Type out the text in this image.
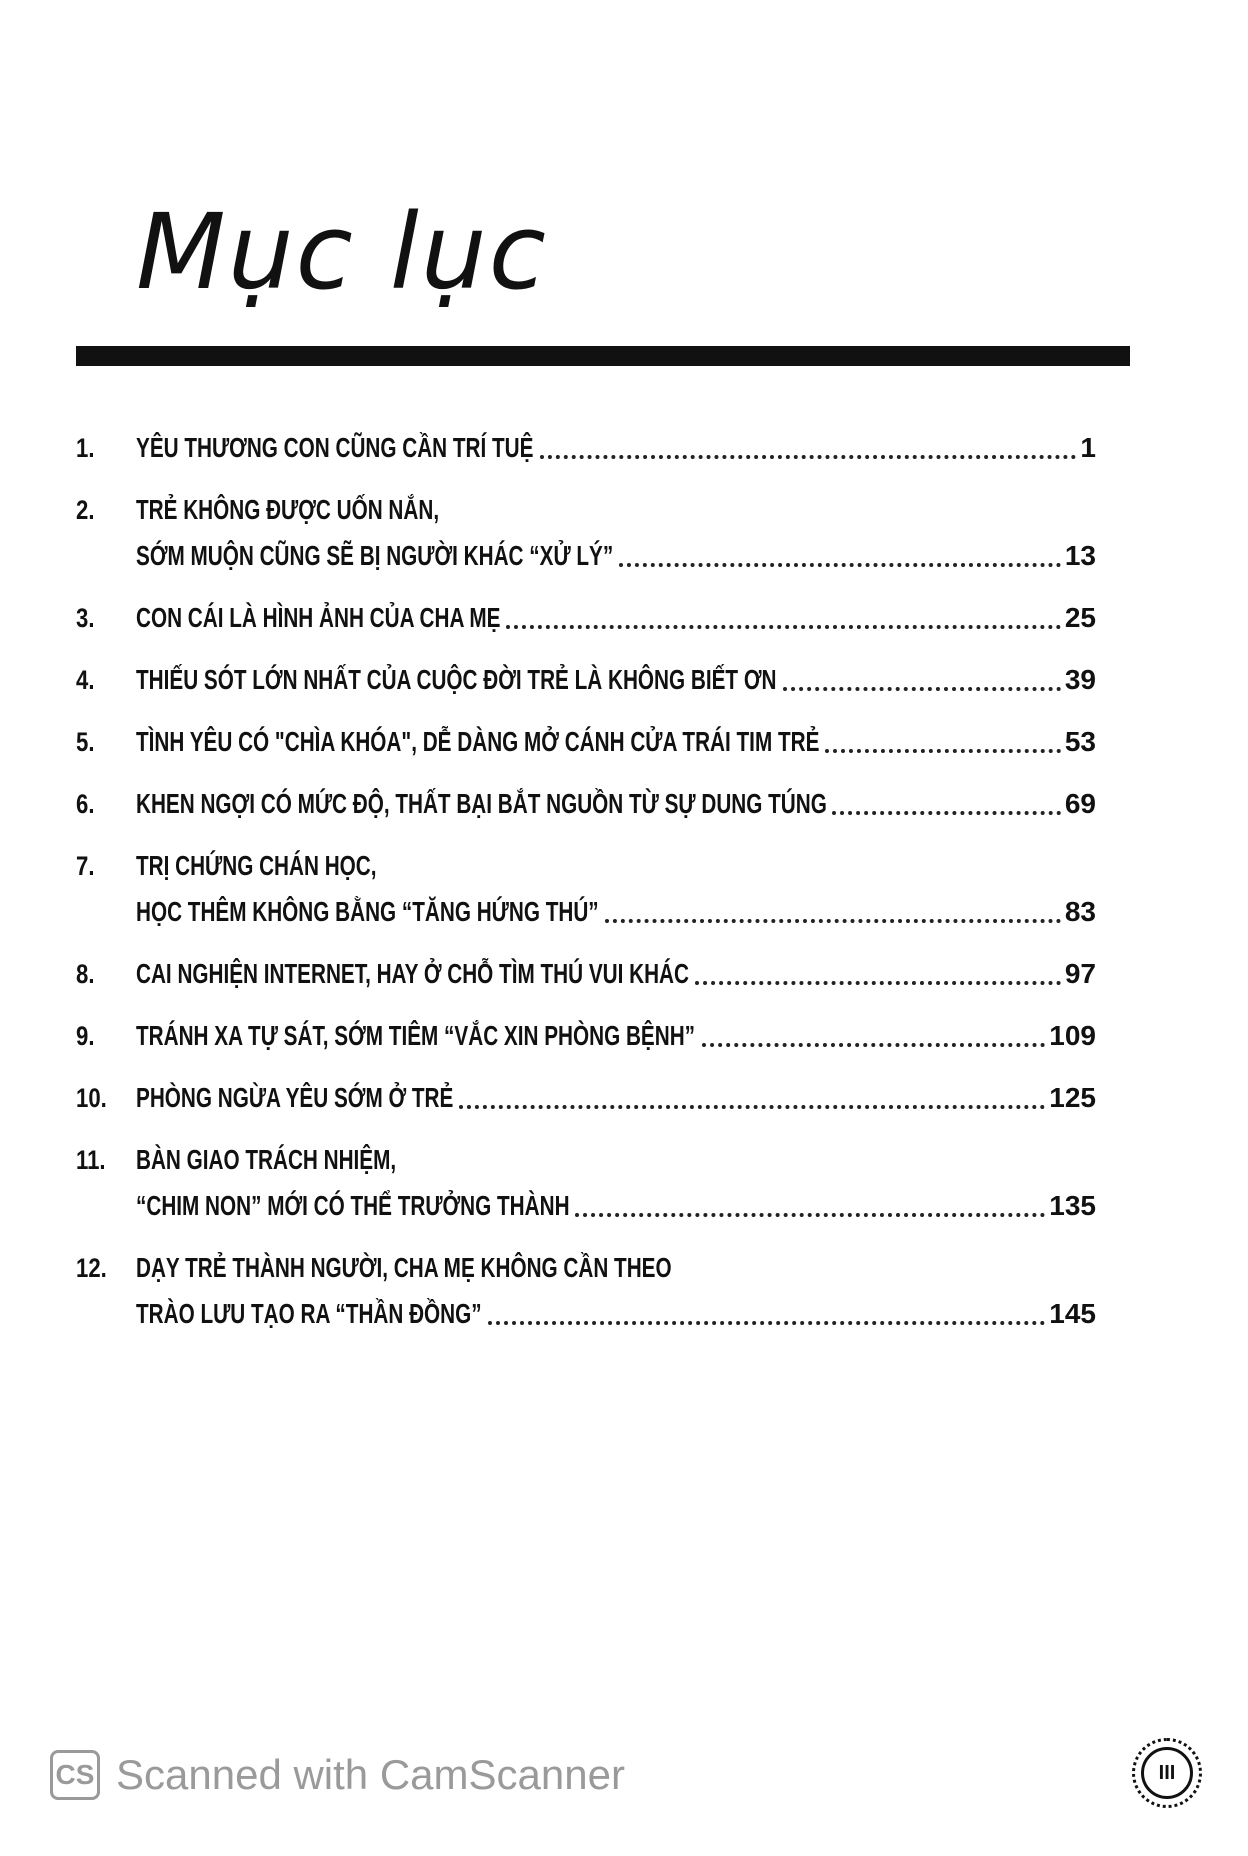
Mục lục
1. YÊU THƯƠNG CON CŨNG CẦN TRÍ TUỆ	1
2. TRẺ KHÔNG ĐƯỢC UỐN NẮN,
SỚM MUỘN CŨNG SẼ BỊ NGƯỜI KHÁC “XỬ LÝ”	13
3. CON CÁI LÀ HÌNH ẢNH CỦA CHA MẸ	25
4. THIẾU SÓT LỚN NHẤT CỦA CUỘC ĐỜI TRẺ LÀ KHÔNG BIẾT ƠN	39
5. TÌNH YÊU CÓ "CHÌA KHÓA", DỄ DÀNG MỞ CÁNH CỬA TRÁI TIM TRẺ	53
6. KHEN NGỢI CÓ MỨC ĐỘ, THẤT BẠI BẮT NGUỒN TỪ SỰ DUNG TÚNG	69
7. TRỊ CHỨNG CHÁN HỌC,
HỌC THÊM KHÔNG BẰNG “TĂNG HỨNG THÚ”	83
8. CAI NGHIỆN INTERNET, HAY Ở CHỖ TÌM THÚ VUI KHÁC	97
9. TRÁNH XA TỰ SÁT, SỚM TIÊM “VẮC XIN PHÒNG BỆNH”	109
10. PHÒNG NGỪA YÊU SỚM Ở TRẺ	125
11. BÀN GIAO TRÁCH NHIỆM,
“CHIM NON” MỚI CÓ THỂ TRƯỞNG THÀNH	135
12. DẠY TRẺ THÀNH NGƯỜI, CHA MẸ KHÔNG CẦN THEO
TRÀO LƯU TẠO RA “THẦN ĐỒNG”	145
CS Scanned with CamScanner	III
